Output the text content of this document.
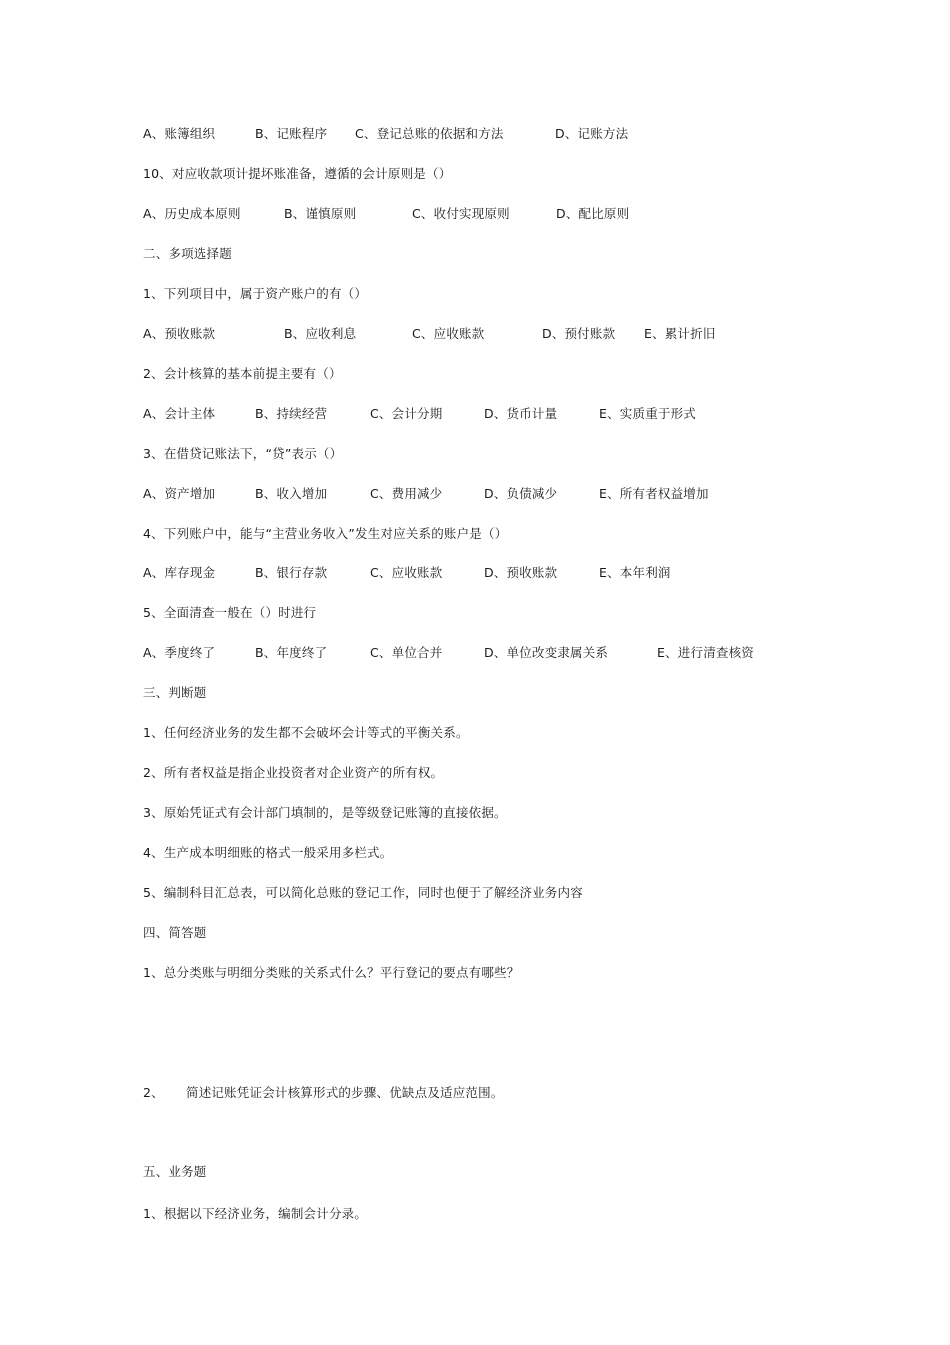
A、账簿组织	B、记账程序 C、登记总账的依据和方法	D、记账方法
10、对应收款项计提坏账准备，遵循的会计原则是（）
A、历史成本原则	B、谨慎原则	C、收付实现原则	D、配比原则
二、多项选择题
1、下列项目中，属于资产账户的有（）
A、预收账款	B、应收利息	C、应收账款	D、预付账款 E、累计折旧
2、会计核算的基本前提主要有（）
A、会计主体	B、持续经营	C、会计分期	D、货币计量	E、实质重于形式
3、在借贷记账法下，“贷”表示（）
A、资产增加	B、收入增加	C、费用减少	D、负债减少	E、所有者权益增加
4、下列账户中，能与“主营业务收入”发生对应关系的账户是（）
A、库存现金	B、银行存款	C、应收账款	D、预收账款	E、本年利润
5、全面清查一般在（）时进行
A、季度终了	B、年度终了	C、单位合并	D、单位改变隶属关系	E、进行清查核资
三、判断题
1、任何经济业务的发生都不会破坏会计等式的平衡关系。
2、所有者权益是指企业投资者对企业资产的所有权。
3、原始凭证式有会计部门填制的，是等级登记账簿的直接依据。
4、生产成本明细账的格式一般采用多栏式。
5、编制科目汇总表，可以简化总账的登记工作，同时也便于了解经济业务内容
四、简答题
1、总分类账与明细分类账的关系式什么？平行登记的要点有哪些？
2、 简述记账凭证会计核算形式的步骤、优缺点及适应范围。
五、业务题
1、根据以下经济业务，编制会计分录。
